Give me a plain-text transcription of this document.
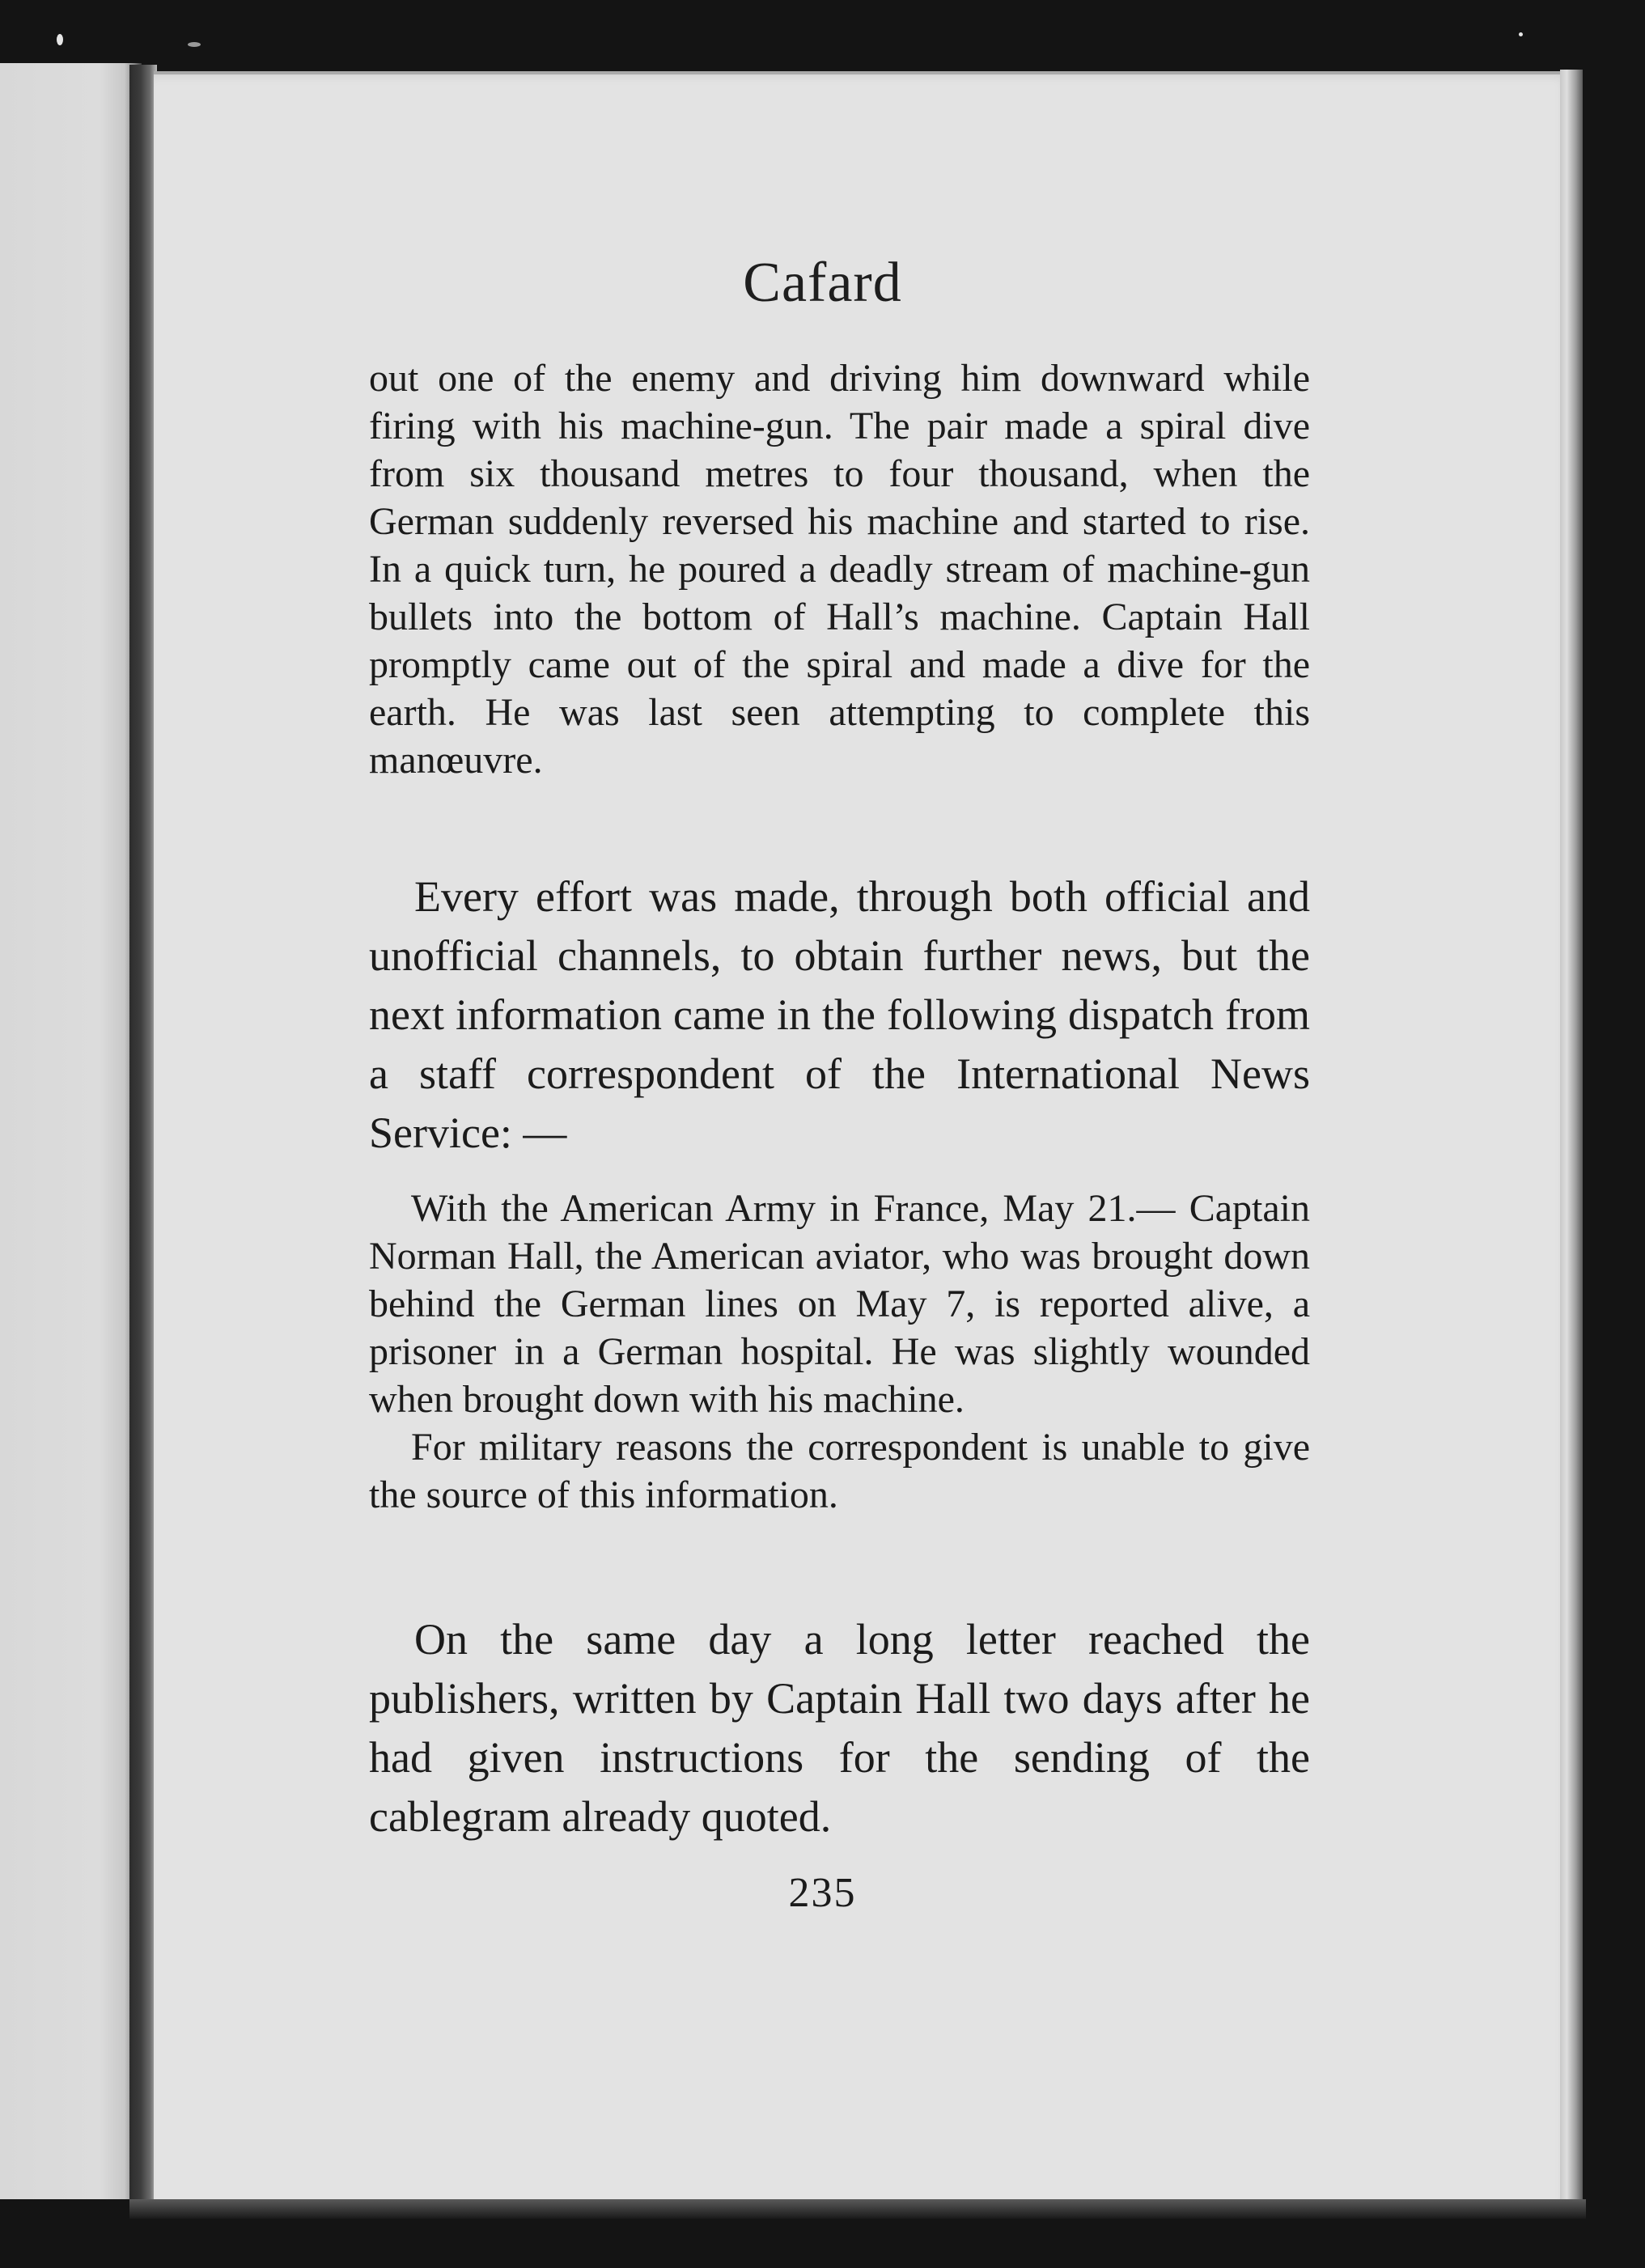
Cafard

out one of the enemy and driving him downward while firing with his machine-gun. The pair made a spiral dive from six thousand metres to four thousand, when the German suddenly reversed his machine and started to rise. In a quick turn, he poured a deadly stream of machine-gun bullets into the bottom of Hall’s machine. Captain Hall promptly came out of the spiral and made a dive for the earth. He was last seen attempting to complete this manœuvre.

Every effort was made, through both official and unofficial channels, to obtain further news, but the next information came in the following dispatch from a staff correspondent of the International News Service: —

With the American Army in France, May 21.— Captain Norman Hall, the American aviator, who was brought down behind the German lines on May 7, is reported alive, a prisoner in a German hospital. He was slightly wounded when brought down with his machine.

For military reasons the correspondent is unable to give the source of this information.

On the same day a long letter reached the publishers, written by Captain Hall two days after he had given instructions for the sending of the cablegram already quoted.

235
